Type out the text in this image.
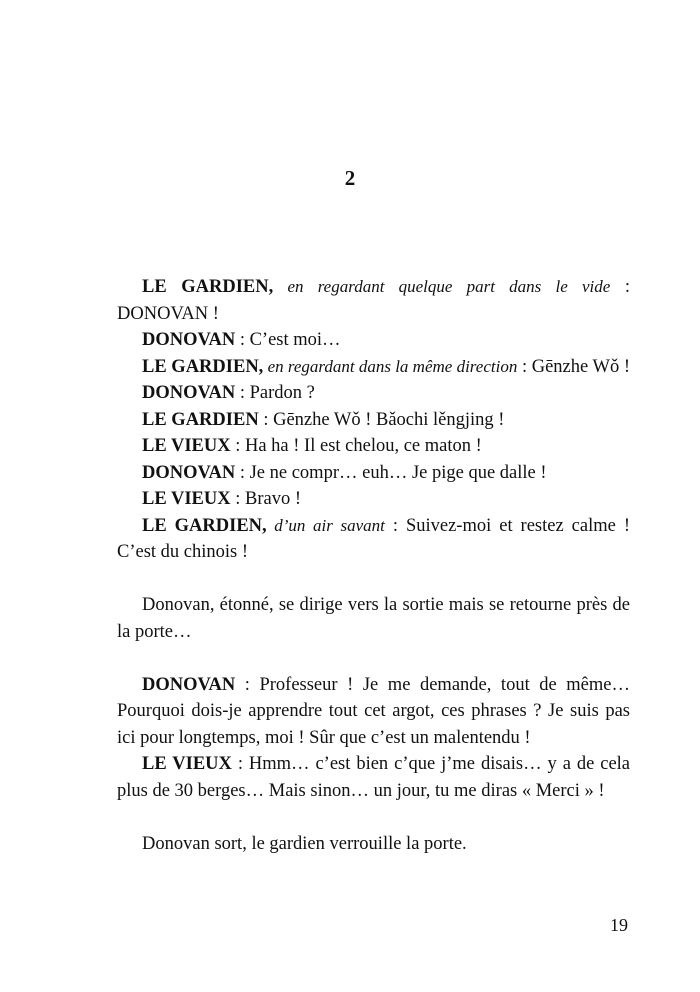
2

LE GARDIEN, en regardant quelque part dans le vide : DONOVAN !

DONOVAN : C’est moi…

LE GARDIEN, en regardant dans la même direction : Gēnzhe Wǒ !

DONOVAN : Pardon ?

LE GARDIEN : Gēnzhe Wǒ ! Bǎochi lěngjing !

LE VIEUX : Ha ha ! Il est chelou, ce maton !

DONOVAN : Je ne compr… euh… Je pige que dalle !

LE VIEUX : Bravo !

LE GARDIEN, d’un air savant : Suivez-moi et restez calme ! C’est du chinois !

Donovan, étonné, se dirige vers la sortie mais se retourne près de la porte…

DONOVAN : Professeur ! Je me demande, tout de même… Pourquoi dois-je apprendre tout cet argot, ces phrases ? Je suis pas ici pour longtemps, moi ! Sûr que c’est un malentendu !

LE VIEUX : Hmm… c’est bien c’que j’me disais… y a de cela plus de 30 berges… Mais sinon… un jour, tu me diras « Merci » !

Donovan sort, le gardien verrouille la porte.

19
